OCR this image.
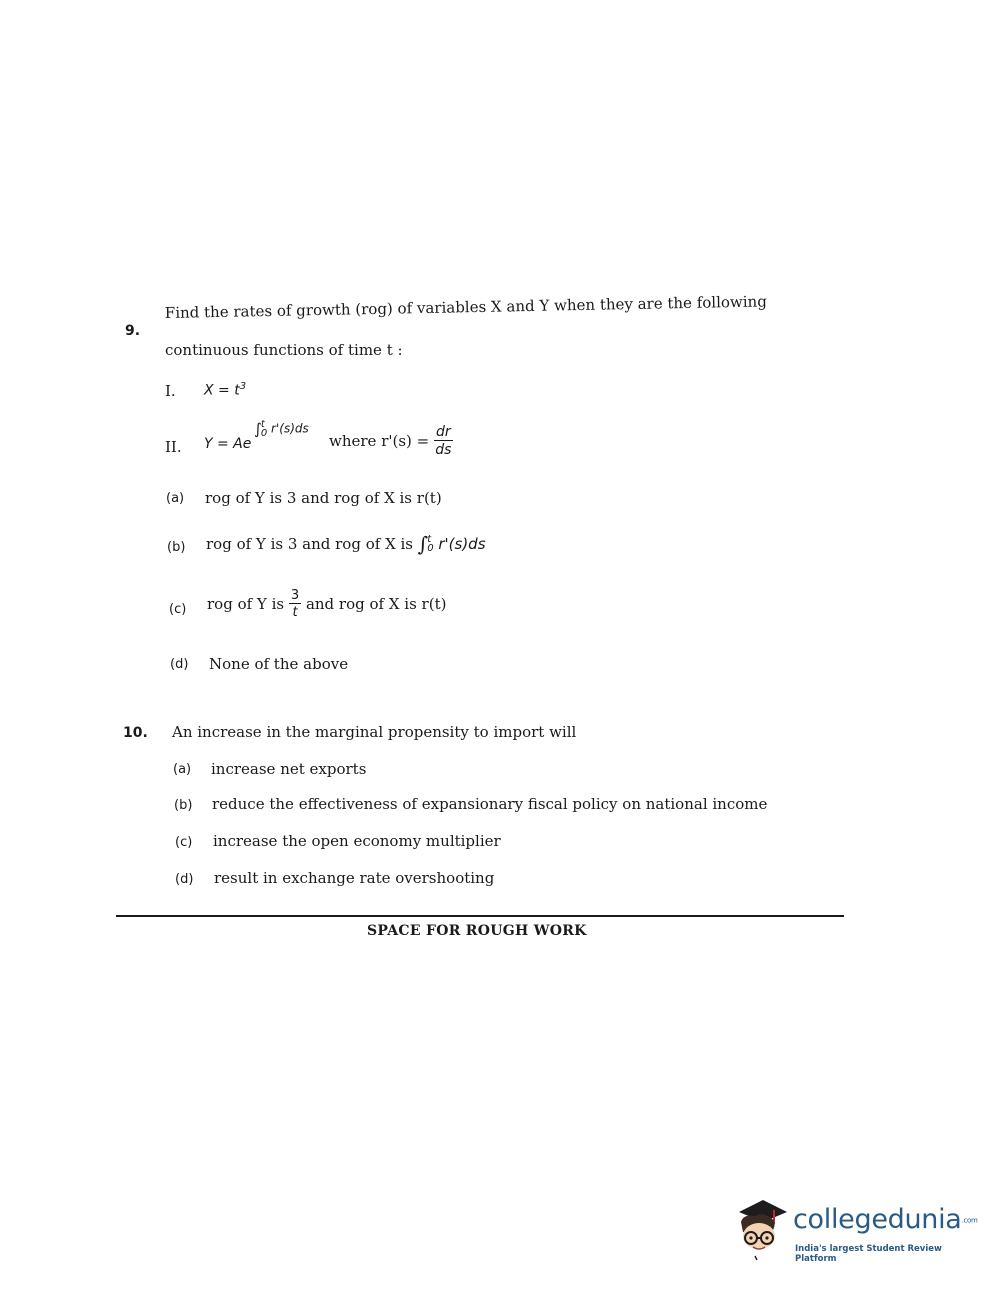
9.
Find the rates of growth (rog) of variables X and Y when they are the following
continuous functions of time t :
I. $X = t^3$
II. Y = Ae
∫ t
0 r'(s)ds
where $r'(s) = \frac{dr}{ds}$
(a) rog of Y is 3 and rog of X is r(t)
(b) rog of Y is 3 and rog of X is ∫ t
0 r'(s)ds
(c) rog of Y is $\frac{3}{t}$ and rog of X is r(t)
(d) None of the above
10. An increase in the marginal propensity to import will
(a) increase net exports
(b) reduce the effectiveness of expansionary fiscal policy on national income
(c) increase the open economy multiplier
(d) result in exchange rate overshooting
SPACE FOR ROUGH WORK
collegedunia.com
India's largest Student Review Platform
